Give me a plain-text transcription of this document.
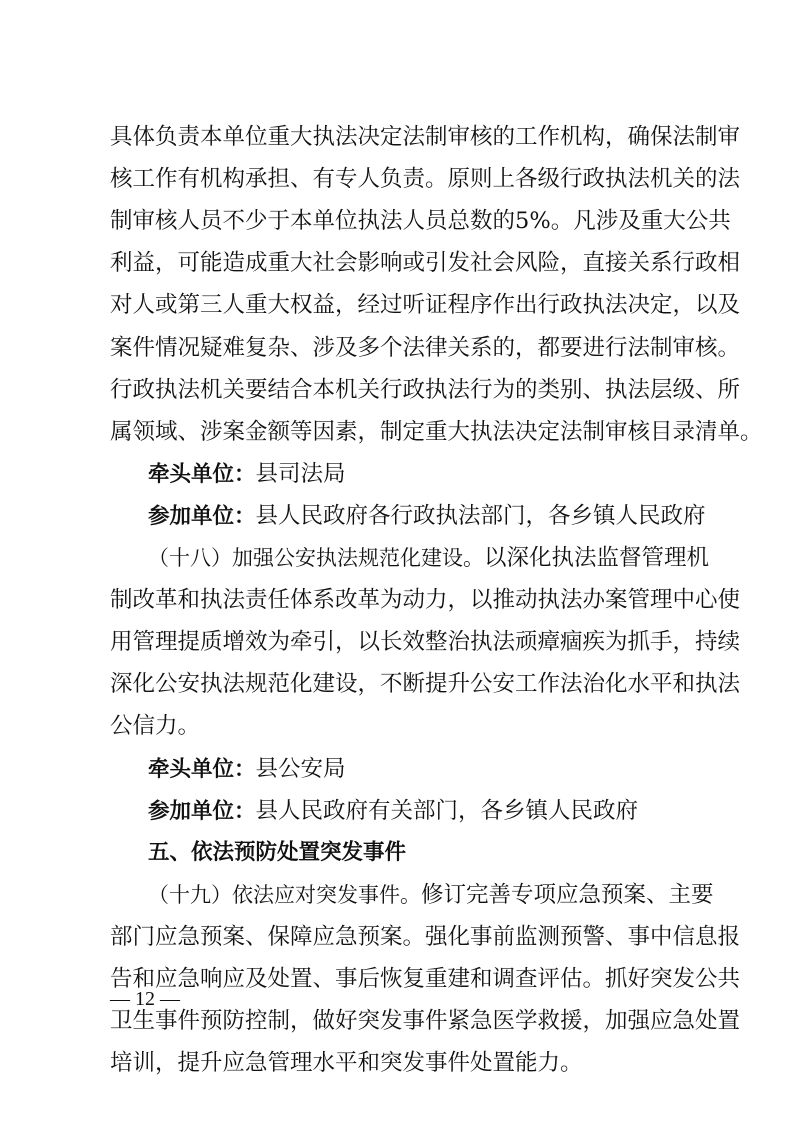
具体负责本单位重大执法决定法制审核的工作机构，确保法制审
核工作有机构承担、有专人负责。原则上各级行政执法机关的法
制审核人员不少于本单位执法人员总数的5%。凡涉及重大公共
利益，可能造成重大社会影响或引发社会风险，直接关系行政相
对人或第三人重大权益，经过听证程序作出行政执法决定，以及
案件情况疑难复杂、涉及多个法律关系的，都要进行法制审核。
行政执法机关要结合本机关行政执法行为的类别、执法层级、所
属领域、涉案金额等因素，制定重大执法决定法制审核目录清单。
牵头单位：县司法局
参加单位：县人民政府各行政执法部门，各乡镇人民政府
（十八）加强公安执法规范化建设。以深化执法监督管理机
制改革和执法责任体系改革为动力，以推动执法办案管理中心使
用管理提质增效为牵引，以长效整治执法顽瘴痼疾为抓手，持续
深化公安执法规范化建设，不断提升公安工作法治化水平和执法
公信力。
牵头单位：县公安局
参加单位：县人民政府有关部门，各乡镇人民政府
五、依法预防处置突发事件
（十九）依法应对突发事件。修订完善专项应急预案、主要
部门应急预案、保障应急预案。强化事前监测预警、事中信息报
告和应急响应及处置、事后恢复重建和调查评估。抓好突发公共
卫生事件预防控制，做好突发事件紧急医学救援，加强应急处置
培训，提升应急管理水平和突发事件处置能力。
— 12 —
